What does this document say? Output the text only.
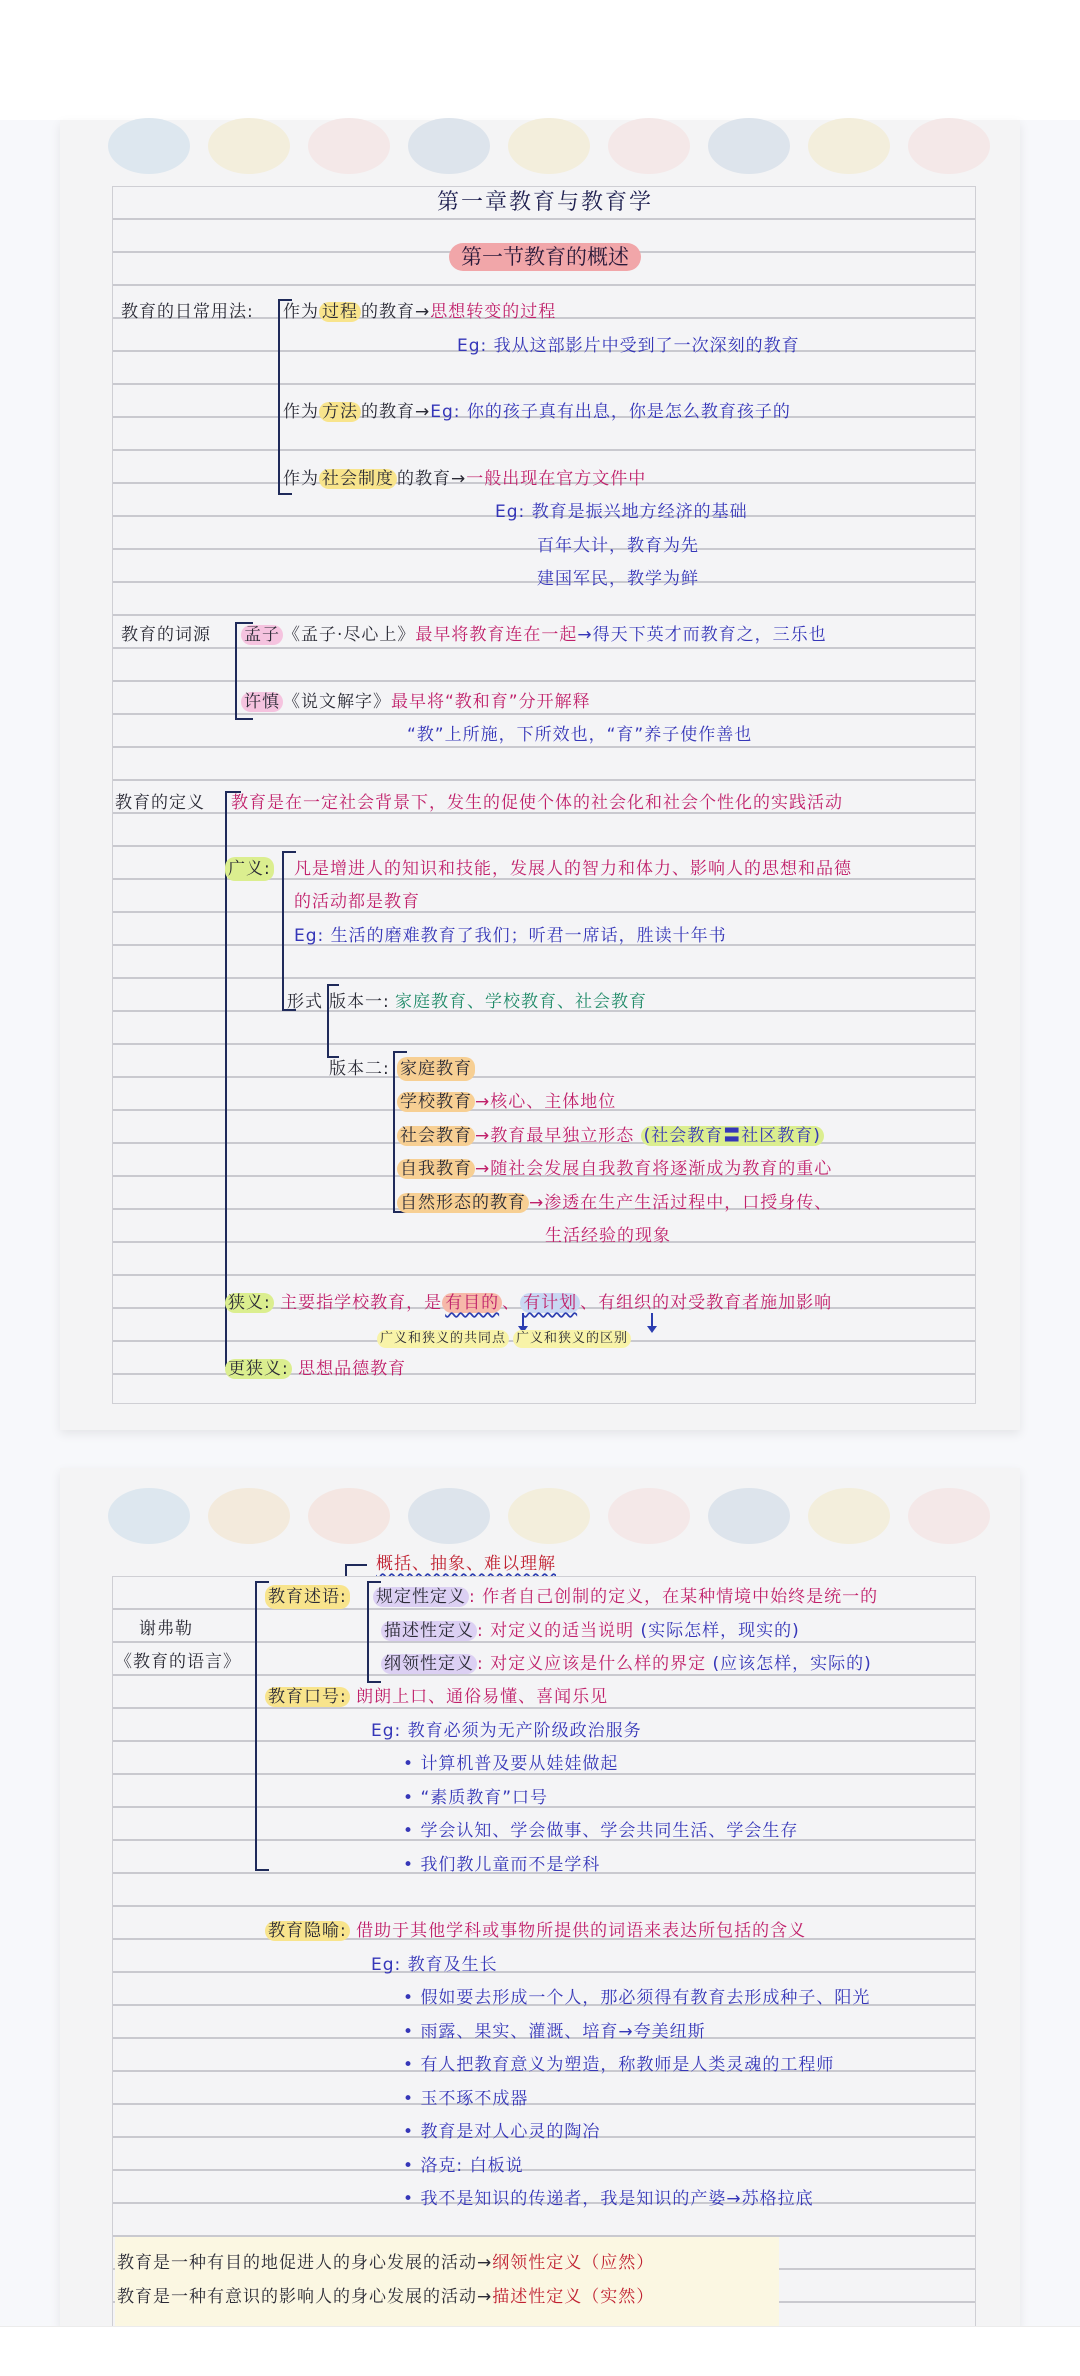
第一章教育与教育学
第一节教育的概述
教育的日常用法: 作为 过程 的教育→思想转变的过程
Eg: 我从这部影片中受到了一次深刻的教育
作为 方法 的教育→Eg: 你的孩子真有出息，你是怎么教育孩子的
作为 社会制度 的教育→一般出现在官方文件中
Eg: 教育是振兴地方经济的基础
百年大计，教育为先
建国军民，教学为鲜
教育的词源 孟子 《孟子·尽心上》最早将教育连在一起→得天下英才而教育之，三乐也
许慎 《说文解字》最早将“教和育”分开解释
“教”上所施，下所效也，“育”养子使作善也
教育的定义 教育是在一定社会背景下，发生的促使个体的社会化和社会个性化的实践活动
广义: 凡是增进人的知识和技能，发展人的智力和体力、影响人的思想和品德
的活动都是教育
Eg: 生活的磨难教育了我们；听君一席话，胜读十年书
形式 版本一: 家庭教育、学校教育、社会教育
版本二: 家庭教育
学校教育 →核心、主体地位
社会教育 →教育最早独立形态 (社会教育〓社区教育)
自我教育 →随社会发展自我教育将逐渐成为教育的重心
自然形态的教育 →渗透在生产生活过程中，口授身传、
生活经验的现象
狭义: 主要指学校教育，是 有目的 、 有计划 、有组织的对受教育者施加影响
广义和狭义的共同点 广义和狭义的区别
更狭义: 思想品德教育
概括、抽象、难以理解
谢弗勒
《教育的语言》
教育述语: 规定性定义 : 作者自己创制的定义，在某种情境中始终是统一的
描述性定义 : 对定义的适当说明 (实际怎样，现实的)
纲领性定义 : 对定义应该是什么样的界定 (应该怎样，实际的)
教育口号: 朗朗上口、通俗易懂、喜闻乐见
Eg: 教育必须为无产阶级政治服务
• 计算机普及要从娃娃做起
• “素质教育”口号
• 学会认知、学会做事、学会共同生活、学会生存
• 我们教儿童而不是学科
教育隐喻: 借助于其他学科或事物所提供的词语来表达所包括的含义
Eg: 教育及生长
• 假如要去形成一个人，那必须得有教育去形成种子、阳光
• 雨露、果实、灌溉、培育→夸美纽斯
• 有人把教育意义为塑造，称教师是人类灵魂的工程师
• 玉不琢不成器
• 教育是对人心灵的陶冶
• 洛克: 白板说
• 我不是知识的传递者，我是知识的产婆→苏格拉底
教育是一种有目的地促进人的身心发展的活动→纲领性定义（应然）
教育是一种有意识的影响人的身心发展的活动→描述性定义（实然）
